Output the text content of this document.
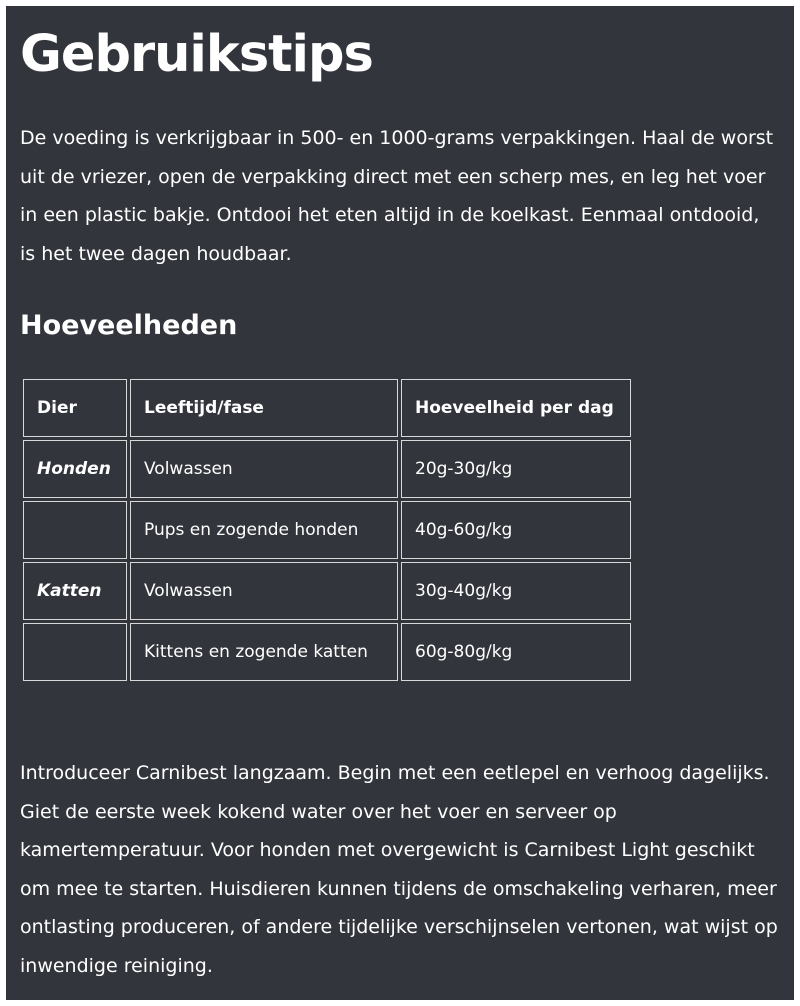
Gebruikstips

De voeding is verkrijgbaar in 500- en 1000-grams verpakkingen. Haal de worst uit de vriezer, open de verpakking direct met een scherp mes, en leg het voer in een plastic bakje. Ontdooi het eten altijd in de koelkast. Eenmaal ontdooid, is het twee dagen houdbaar.

Hoeveelheden
Dier	Leeftijd/fase	Hoeveelheid per dag
Honden	Volwassen	20g-30g/kg
	Pups en zogende honden	40g-60g/kg
Katten	Volwassen	30g-40g/kg
	Kittens en zogende katten	60g-80g/kg

Introduceer Carnibest langzaam. Begin met een eetlepel en verhoog dagelijks. Giet de eerste week kokend water over het voer en serveer op kamertemperatuur. Voor honden met overgewicht is Carnibest Light geschikt om mee te starten. Huisdieren kunnen tijdens de omschakeling verharen, meer ontlasting produceren, of andere tijdelijke verschijnselen vertonen, wat wijst op inwendige reiniging.
